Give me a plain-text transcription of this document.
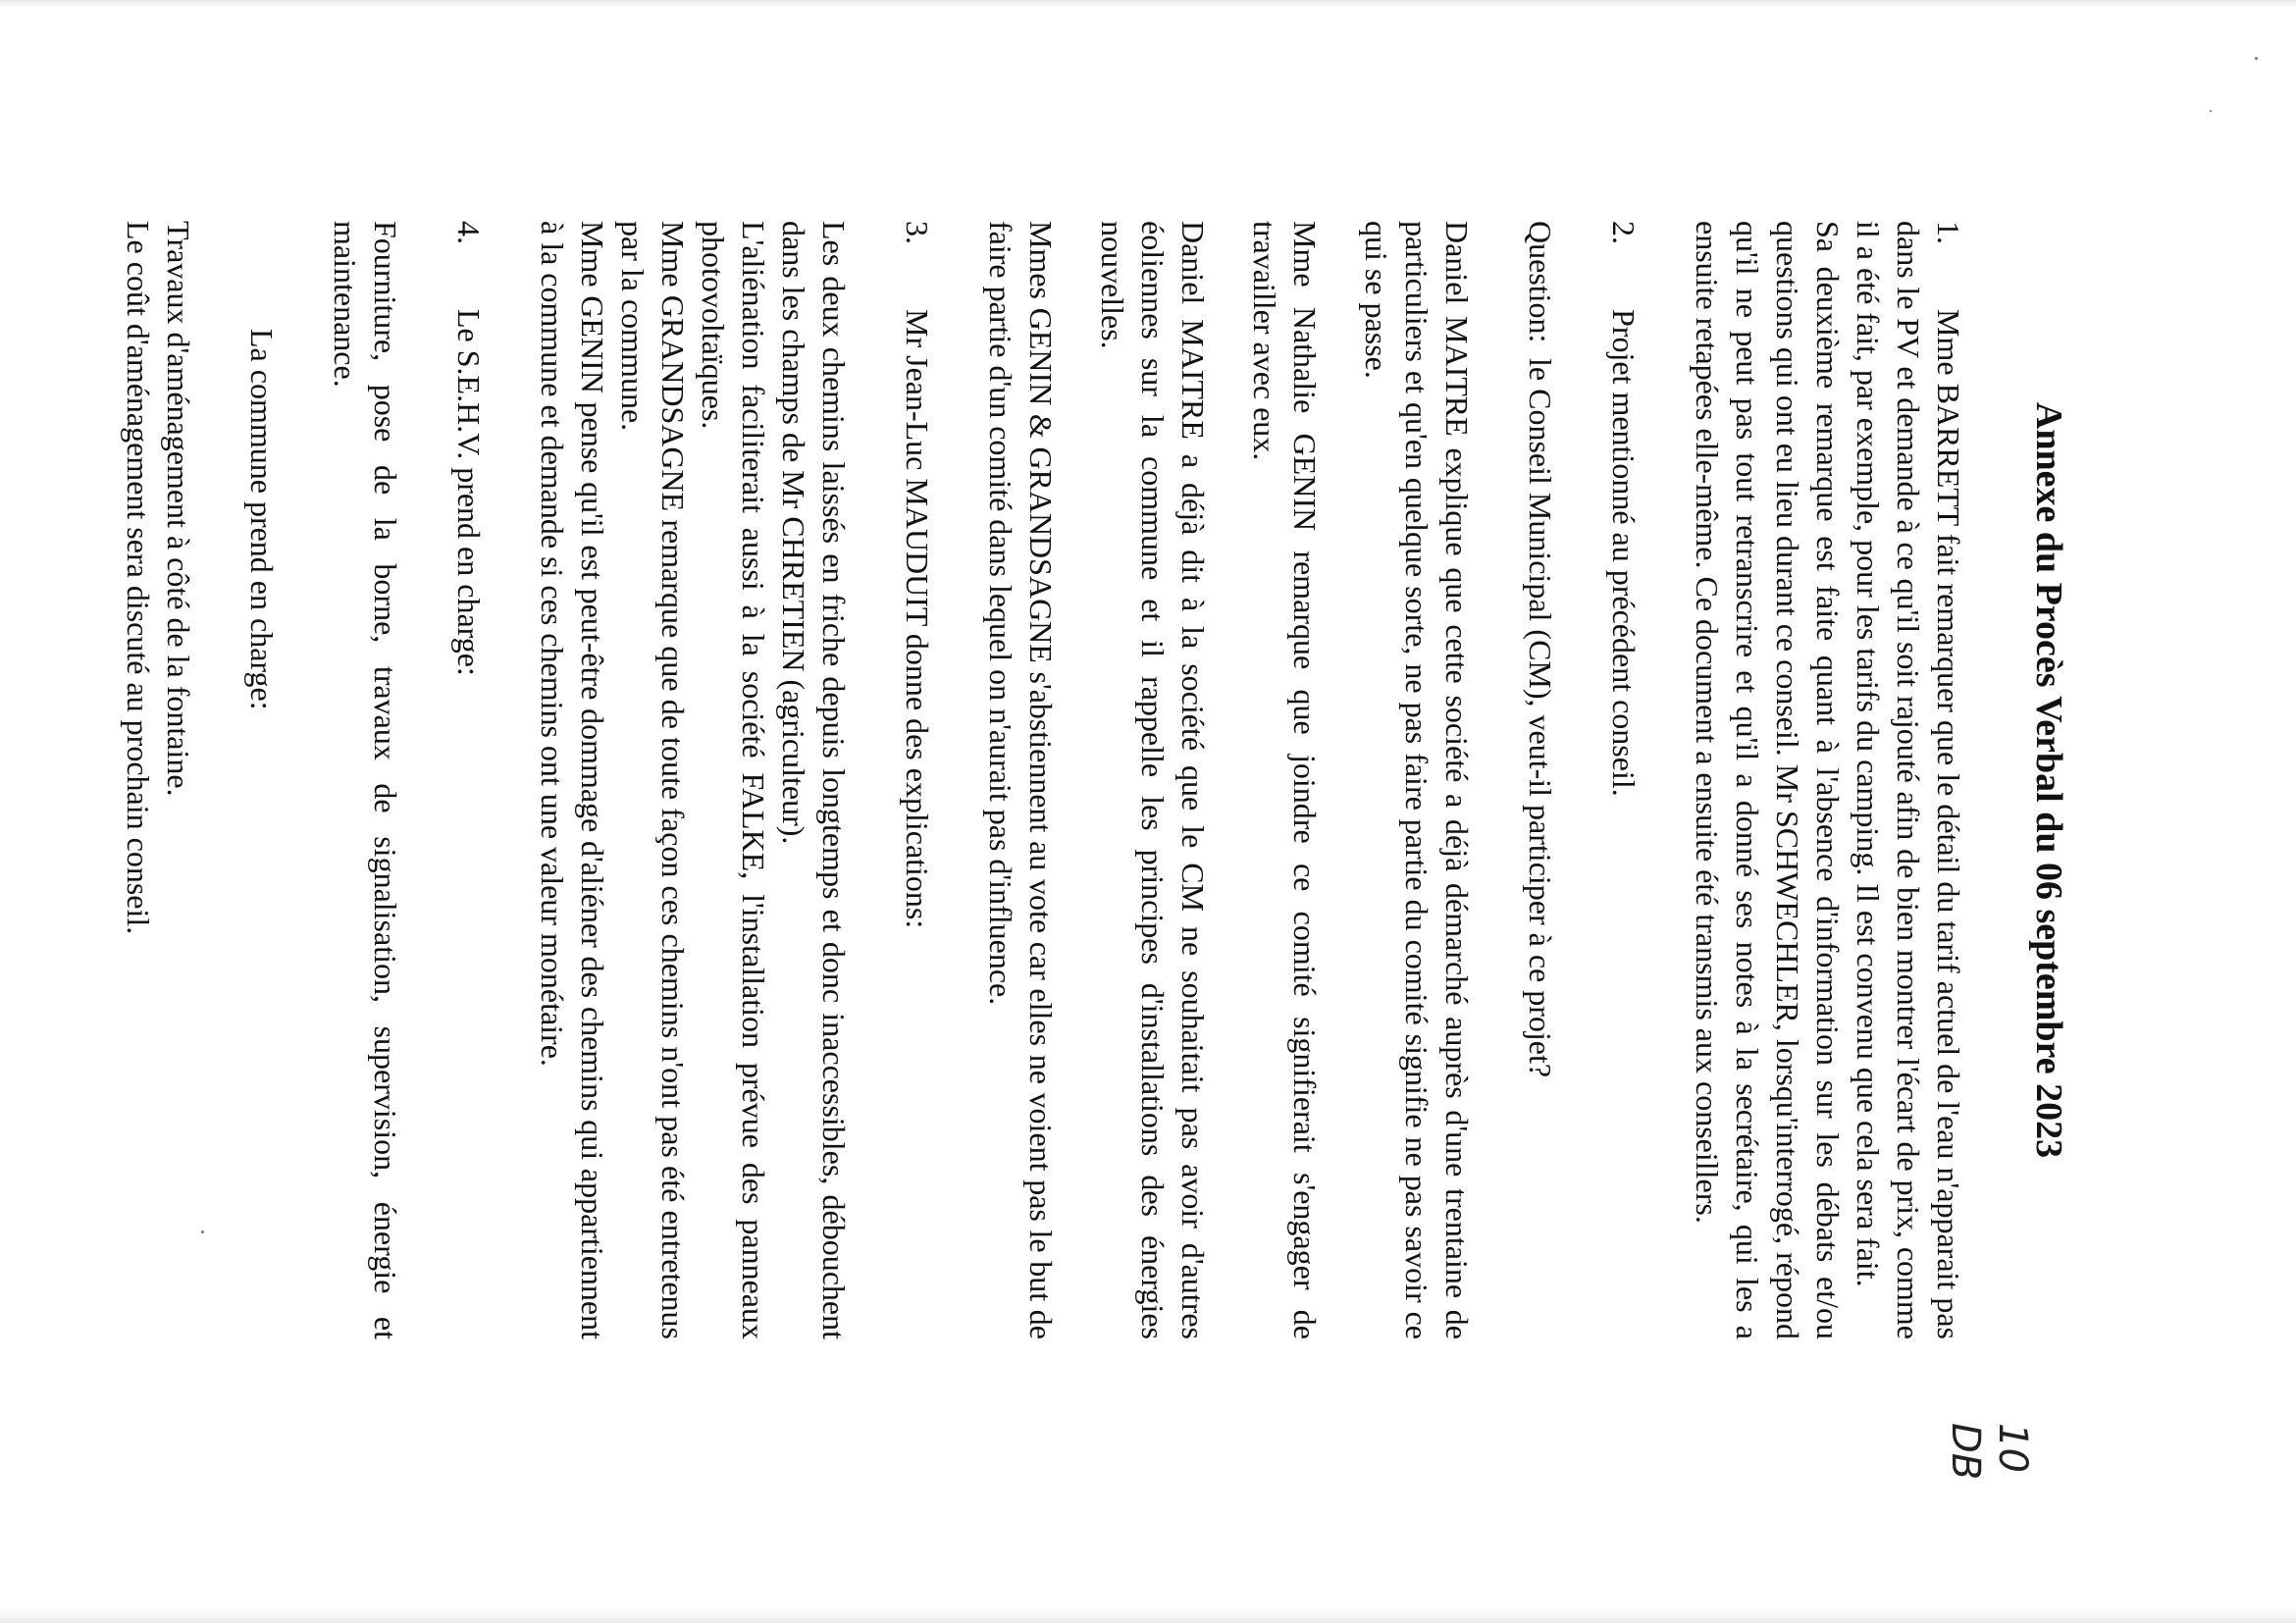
Annexe du Procès Verbal du 06 septembre 2023

1.Mme BARRETT fait remarquer que le détail du tarif actuel de l'eau n'apparait pas dans le PV et demande à ce qu'il soit rajouté afin de bien montrer l'écart de prix, comme il a été fait, par exemple, pour les tarifs du camping. Il est convenu que cela sera fait.

Sa deuxième remarque est faite quant à l'absence d'information sur les débats et/ou questions qui ont eu lieu durant ce conseil. Mr SCHWECHLER, lorsqu'interrogé, répond qu'il ne peut pas tout retranscrire et qu'il a donné ses notes à la secrétaire, qui les a ensuite retapées elle-même. Ce document a ensuite été transmis aux conseillers.

2.Projet mentionné au précédent conseil.

Question:le Conseil Municipal (CM), veut-il participer à ce projet?

Daniel MAITRE explique que cette société a déjà démarché auprès d'une trentaine de particuliers et qu'en quelque sorte, ne pas faire partie du comité signifie ne pas savoir ce qui se passe.

Mme Nathalie GENIN remarque que joindre ce comité signifierait s'engager de travailler avec eux.

Daniel MAITRE a déjà dit à la société que le CM ne souhaitait pas avoir d'autres éoliennes sur la commune et il rappelle les principes d'installations des énergies nouvelles.

Mmes GENIN & GRANDSAGNE s'abstiennent au vote car elles ne voient pas le but de faire partie d'un comité dans lequel on n'aurait pas d'influence.

3.Mr Jean-Luc MAUDUIT donne des explications:

Les deux chemins laissés en friche depuis longtemps et donc inaccessibles, débouchent dans les champs de Mr CHRETIEN (agriculteur).

L'aliénation faciliterait aussi à la société FALKE, l'installation prévue des panneaux photovoltaïques.

Mme GRANDSAGNE remarque que de toute façon ces chemins n'ont pas été entretenus par la commune.

Mme GENIN pense qu'il est peut-être dommage d'aliéner des chemins qui appartiennent à la commune et demande si ces chemins ont une valeur monétaire.

4.Le S.E.H.V. prend en charge:

Fourniture, pose de la borne, travaux de signalisation, supervision, énergie et maintenance.

La commune prend en charge:

Travaux d'aménagement à côté de la fontaine.

Le coût d'aménagement sera discuté au prochain conseil.

10
DB
